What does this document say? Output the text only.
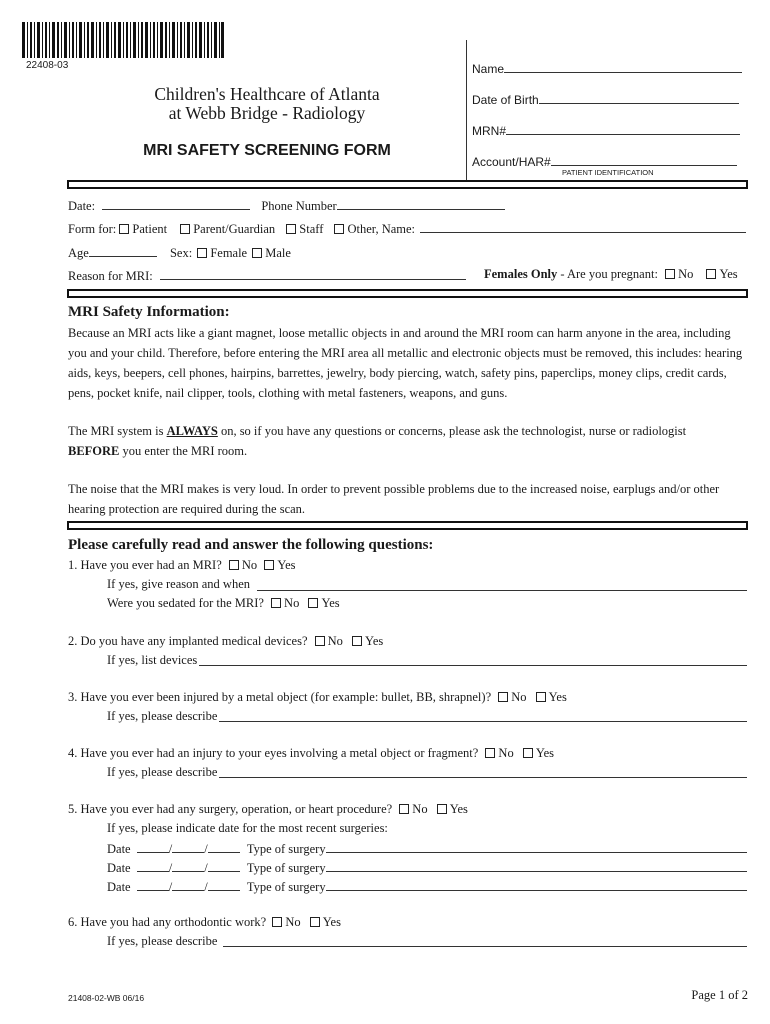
22408-03
Children's Healthcare of Atlanta
at Webb Bridge - Radiology
MRI SAFETY SCREENING FORM
Name
Date of Birth
MRN#
Account/HAR#
PATIENT IDENTIFICATION
Date:	Phone Number
Form for: Patient Parent/Guardian Staff Other, Name:
Age	Sex: Female Male
Reason for MRI:	Females Only - Are you pregnant: No Yes
MRI Safety Information:
Because an MRI acts like a giant magnet, loose metallic objects in and around the MRI room can harm anyone in the area, including
you and your child. Therefore, before entering the MRI area all metallic and electronic objects must be removed, this includes: hearing
aids, keys, beepers, cell phones, hairpins, barrettes, jewelry, body piercing, watch, safety pins, paperclips, money clips, credit cards,
pens, pocket knife, nail clipper, tools, clothing with metal fasteners, weapons, and guns.
The MRI system is ALWAYS on, so if you have any questions or concerns, please ask the technologist, nurse or radiologist
BEFORE you enter the MRI room.
The noise that the MRI makes is very loud. In order to prevent possible problems due to the increased noise, earplugs and/or other
hearing protection are required during the scan.
Please carefully read and answer the following questions:
1. Have you ever had an MRI? No Yes
If yes, give reason and when
Were you sedated for the MRI? No Yes
2. Do you have any implanted medical devices? No Yes
If yes, list devices
3. Have you ever been injured by a metal object (for example: bullet, BB, shrapnel)? No Yes
If yes, please describe
4. Have you ever had an injury to your eyes involving a metal object or fragment? No Yes
If yes, please describe
5. Have you ever had any surgery, operation, or heart procedure? No Yes
If yes, please indicate date for the most recent surgeries:
Date	/	/	Type of surgery
Date	/	/	Type of surgery
Date	/	/	Type of surgery
6. Have you had any orthodontic work? No Yes
If yes, please describe
21408-02-WB 06/16	Page 1 of 2
